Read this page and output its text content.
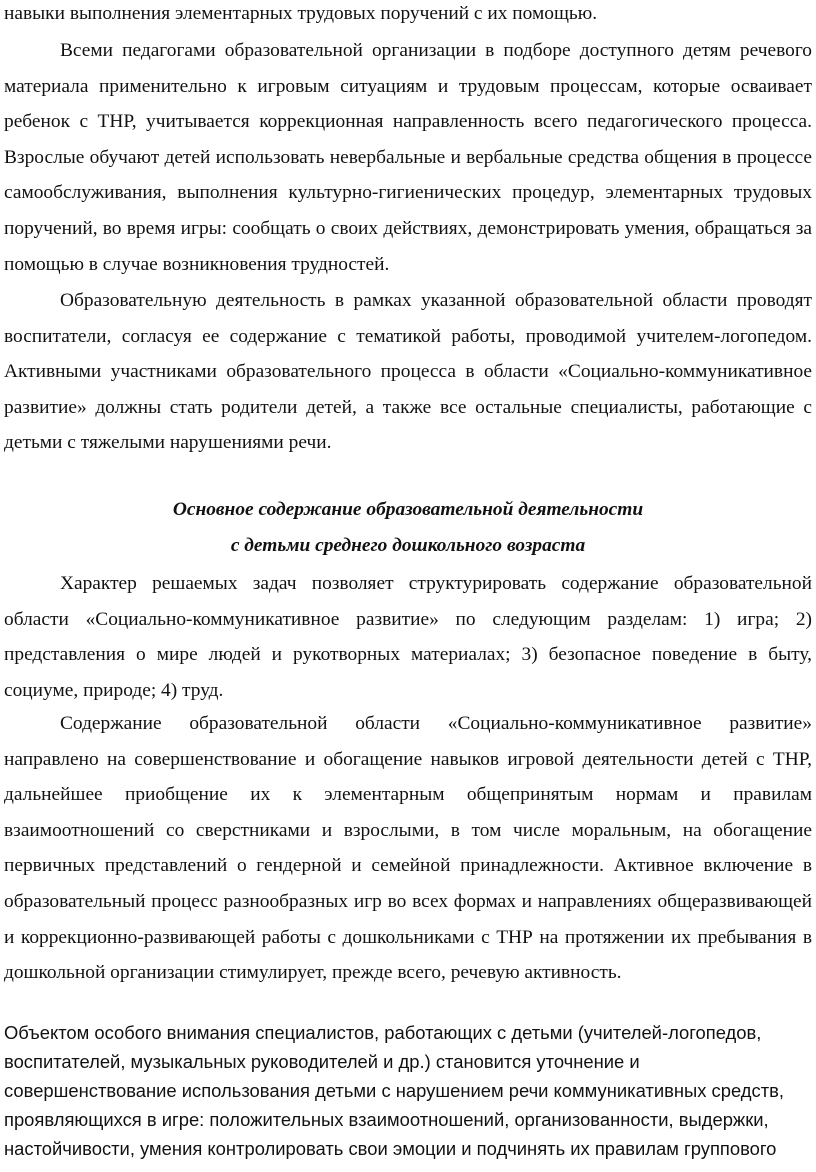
навыки выполнения элементарных трудовых поручений с их помощью.

Всеми педагогами образовательной организации в подборе доступного детям речевого материала применительно к игровым ситуациям и трудовым процессам, которые осваивает ребенок с ТНР, учитывается коррекционная направленность всего педагогического процесса. Взрослые обучают детей использовать невербальные и вербальные средства общения в процессе самообслуживания, выполнения культурно-гигиенических процедур, элементарных трудовых поручений, во время игры: сообщать о своих действиях, демонстрировать умения, обращаться за помощью в случае возникновения трудностей.

Образовательную деятельность в рамках указанной образовательной области проводят воспитатели, согласуя ее содержание с тематикой работы, проводимой учителем-логопедом. Активными участниками образовательного процесса в области «Социально-коммуникативное развитие» должны стать родители детей, а также все остальные специалисты, работающие с детьми с тяжелыми нарушениями речи.

Основное содержание образовательной деятельности
с детьми среднего дошкольного возраста

Характер решаемых задач позволяет структурировать содержание образовательной области «Социально-коммуникативное развитие» по следующим разделам: 1) игра; 2) представления о мире людей и рукотворных материалах; 3) безопасное поведение в быту, социуме, природе; 4) труд.

Содержание образовательной области «Социально-коммуникативное развитие» направлено на совершенствование и обогащение навыков игровой деятельности детей с ТНР, дальнейшее приобщение их к элементарным общепринятым нормам и правилам взаимоотношений со сверстниками и взрослыми, в том числе моральным, на обогащение первичных представлений о гендерной и семейной принадлежности. Активное включение в образовательный процесс разнообразных игр во всех формах и направлениях общеразвивающей и коррекционно-развивающей работы с дошкольниками с ТНР на протяжении их пребывания в дошкольной организации стимулирует, прежде всего, речевую активность.

Объектом особого внимания специалистов, работающих с детьми (учителей-логопедов, воспитателей, музыкальных руководителей и др.) становится уточнение и совершенствование использования детьми с нарушением речи коммуникативных средств, проявляющихся в игре: положительных взаимоотношений, организованности, выдержки, настойчивости, умения контролировать свои эмоции и подчинять их правилам группового
